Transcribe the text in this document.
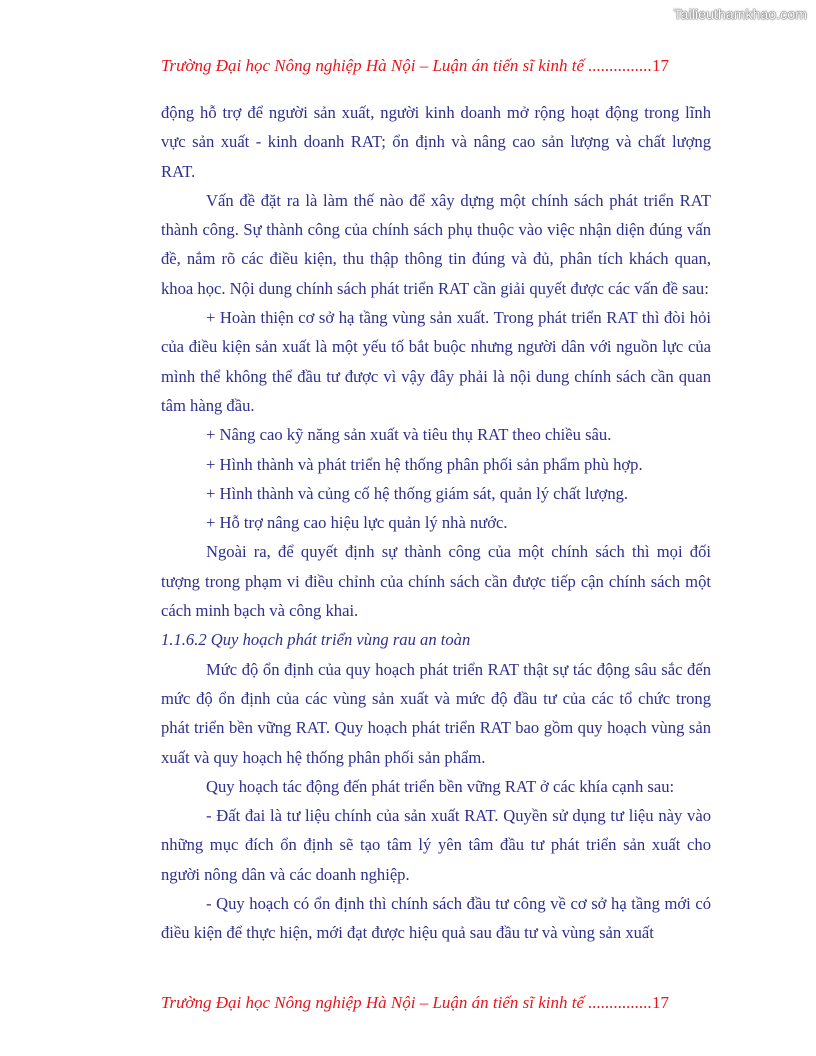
Tailieuthamkhao.com
Trường Đại học Nông nghiệp Hà Nội – Luận án tiến sĩ kinh tế ...............17

động hỗ trợ để người sản xuất, người kinh doanh mở rộng hoạt động trong lĩnh vực sản xuất - kinh doanh RAT; ổn định và nâng cao sản lượng và chất lượng RAT.

Vấn đề đặt ra là làm thế nào để xây dựng một chính sách phát triển RAT thành công. Sự thành công của chính sách phụ thuộc vào việc nhận diện đúng vấn đề, nắm rõ các điều kiện, thu thập thông tin đúng và đủ, phân tích khách quan, khoa học. Nội dung chính sách phát triển RAT cần giải quyết được các vấn đề sau:

+ Hoàn thiện cơ sở hạ tầng vùng sản xuất. Trong phát triển RAT thì đòi hỏi của điều kiện sản xuất là một yếu tố bắt buộc nhưng người dân với nguồn lực của mình thể không thể đầu tư được vì vậy đây phải là nội dung chính sách cần quan tâm hàng đầu.

+ Nâng cao kỹ năng sản xuất và tiêu thụ RAT theo chiều sâu.

+ Hình thành và phát triển hệ thống phân phối sản phẩm phù hợp.

+ Hình thành và củng cố hệ thống giám sát, quản lý chất lượng.

+ Hỗ trợ nâng cao hiệu lực quản lý nhà nước.

Ngoài ra, để quyết định sự thành công của một chính sách thì mọi đối tượng trong phạm vi điều chỉnh của chính sách cần được tiếp cận chính sách một cách minh bạch và công khai.

1.1.6.2 Quy hoạch phát triển vùng rau an toàn

Mức độ ổn định của quy hoạch phát triển RAT thật sự tác động sâu sắc đến mức độ ổn định của các vùng sản xuất và mức độ đầu tư của các tổ chức trong phát triển bền vững RAT. Quy hoạch phát triển RAT bao gồm quy hoạch vùng sản xuất và quy hoạch hệ thống phân phối sản phẩm.

Quy hoạch tác động đến phát triển bền vững RAT ở các khía cạnh sau:

- Đất đai là tư liệu chính của sản xuất RAT. Quyền sử dụng tư liệu này vào những mục đích ổn định sẽ tạo tâm lý yên tâm đầu tư phát triển sản xuất cho người nông dân và các doanh nghiệp.

- Quy hoạch có ổn định thì chính sách đầu tư công về cơ sở hạ tầng mới có điều kiện để thực hiện, mới đạt được hiệu quả sau đầu tư và vùng sản xuất

Trường Đại học Nông nghiệp Hà Nội – Luận án tiến sĩ kinh tế ...............17
